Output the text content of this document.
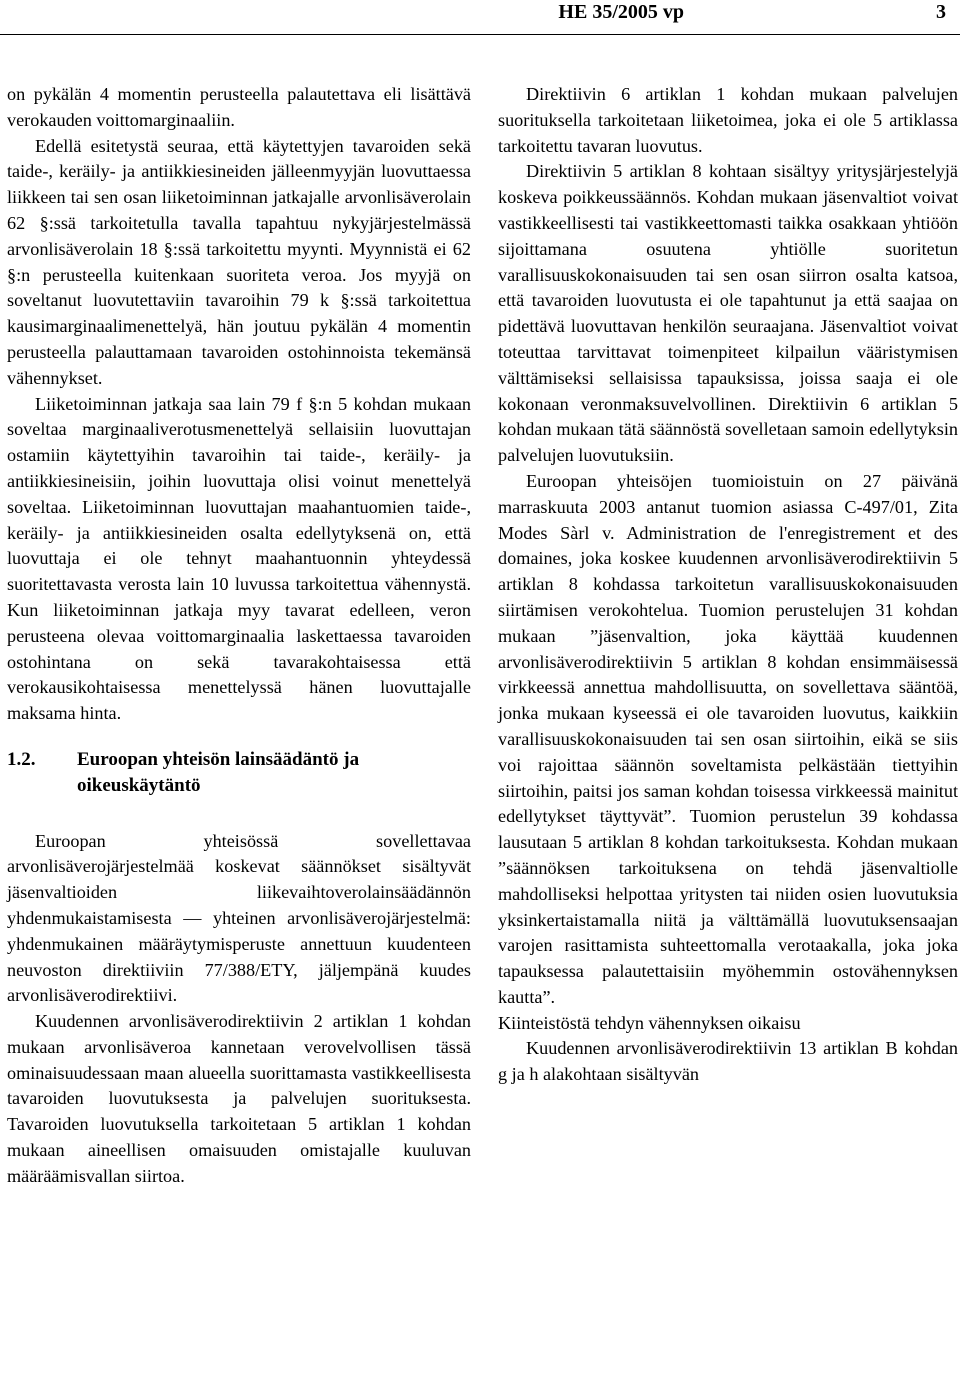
HE 35/2005 vp	3

on pykälän 4 momentin perusteella palautettava eli lisättävä verokauden voittomarginaaliin.

Edellä esitetystä seuraa, että käytettyjen tavaroiden sekä taide-, keräily- ja antiikkiesineiden jälleenmyyjän luovuttaessa liikkeen tai sen osan liiketoiminnan jatkajalle arvonlisäverolain 62 §:ssä tarkoitetulla tavalla tapahtuu nykyjärjestelmässä arvonlisäverolain 18 §:ssä tarkoitettu myynti. Myynnistä ei 62 §:n perusteella kuitenkaan suoriteta veroa. Jos myyjä on soveltanut luovutettaviin tavaroihin 79 k §:ssä tarkoitettua kausimarginaalimenettelyä, hän joutuu pykälän 4 momentin perusteella palauttamaan tavaroiden ostohinnoista tekemänsä vähennykset.

Liiketoiminnan jatkaja saa lain 79 f §:n 5 kohdan mukaan soveltaa marginaaliverotusmenettelyä sellaisiin luovuttajan ostamiin käytettyihin tavaroihin tai taide-, keräily- ja antiikkiesineisiin, joihin luovuttaja olisi voinut menettelyä soveltaa. Liiketoiminnan luovuttajan maahantuomien taide-, keräily- ja antiikkiesineiden osalta edellytyksenä on, että luovuttaja ei ole tehnyt maahantuonnin yhteydessä suoritettavasta verosta lain 10 luvussa tarkoitettua vähennystä. Kun liiketoiminnan jatkaja myy tavarat edelleen, veron perusteena olevaa voittomarginaalia laskettaessa tavaroiden ostohintana on sekä tavarakohtaisessa että verokausikohtaisessa menettelyssä hänen luovuttajalle maksama hinta.

1.2.	Euroopan yhteisön lainsäädäntö ja oikeuskäytäntö

Euroopan yhteisössä sovellettavaa arvonlisäverojärjestelmää koskevat säännökset sisältyvät jäsenvaltioiden liikevaihtoverolainsäädännön yhdenmukaistamisesta — yhteinen arvonlisäverojärjestelmä: yhdenmukainen määräytymisperuste annettuun kuudenteen neuvoston direktiiviin 77/388/ETY, jäljempänä kuudes arvonlisäverodirektiivi.

Kuudennen arvonlisäverodirektiivin 2 artiklan 1 kohdan mukaan arvonlisäveroa kannetaan verovelvollisen tässä ominaisuudessaan maan alueella suorittamasta vastikkeellisesta tavaroiden luovutuksesta ja palvelujen suorituksesta. Tavaroiden luovutuksella tarkoitetaan 5 artiklan 1 kohdan mukaan aineellisen omaisuuden omistajalle kuuluvan määräämisvallan siirtoa.

Direktiivin 6 artiklan 1 kohdan mukaan palvelujen suorituksella tarkoitetaan liiketoimea, joka ei ole 5 artiklassa tarkoitettu tavaran luovutus.

Direktiivin 5 artiklan 8 kohtaan sisältyy yritysjärjestelyjä koskeva poikkeussäännös. Kohdan mukaan jäsenvaltiot voivat vastikkeellisesti tai vastikkeettomasti taikka osakkaan yhtiöön sijoittamana osuutena yhtiölle suoritetun varallisuuskokonaisuuden tai sen osan siirron osalta katsoa, että tavaroiden luovutusta ei ole tapahtunut ja että saajaa on pidettävä luovuttavan henkilön seuraajana. Jäsenvaltiot voivat toteuttaa tarvittavat toimenpiteet kilpailun vääristymisen välttämiseksi sellaisissa tapauksissa, joissa saaja ei ole kokonaan veronmaksuvelvollinen. Direktiivin 6 artiklan 5 kohdan mukaan tätä säännöstä sovelletaan samoin edellytyksin palvelujen luovutuksiin.

Euroopan yhteisöjen tuomioistuin on 27 päivänä marraskuuta 2003 antanut tuomion asiassa C-497/01, Zita Modes Sàrl v. Administration de l'enregistrement et des domaines, joka koskee kuudennen arvonlisäverodirektiivin 5 artiklan 8 kohdassa tarkoitetun varallisuuskokonaisuuden siirtämisen verokohtelua. Tuomion perustelujen 31 kohdan mukaan ”jäsenvaltion, joka käyttää kuudennen arvonlisäverodirektiivin 5 artiklan 8 kohdan ensimmäisessä virkkeessä annettua mahdollisuutta, on sovellettava sääntöä, jonka mukaan kyseessä ei ole tavaroiden luovutus, kaikkiin varallisuuskokonaisuuden tai sen osan siirtoihin, eikä se siis voi rajoittaa säännön soveltamista pelkästään tiettyihin siirtoihin, paitsi jos saman kohdan toisessa virkkeessä mainitut edellytykset täyttyvät”. Tuomion perustelun 39 kohdassa lausutaan 5 artiklan 8 kohdan tarkoituksesta. Kohdan mukaan ”säännöksen tarkoituksena on tehdä jäsenvaltiolle mahdolliseksi helpottaa yritysten tai niiden osien luovutuksia yksinkertaistamalla niitä ja välttämällä luovutuksensaajan varojen rasittamista suhteettomalla verotaakalla, joka joka tapauksessa palautettaisiin myöhemmin ostovähennyksen kautta”.

Kiinteistöstä tehdyn vähennyksen oikaisu

Kuudennen arvonlisäverodirektiivin 13 artiklan B kohdan g ja h alakohtaan sisältyvän
